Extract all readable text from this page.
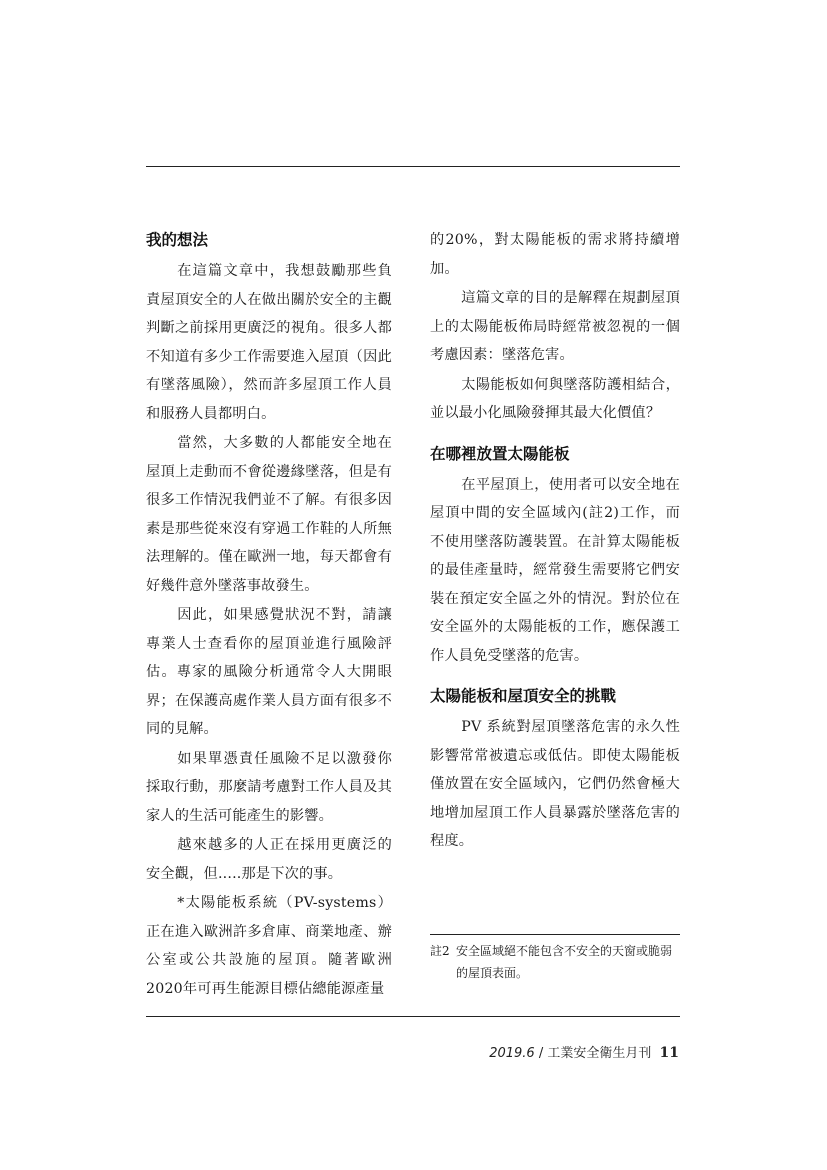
我的想法

在這篇文章中，我想鼓勵那些負責屋頂安全的人在做出關於安全的主觀判斷之前採用更廣泛的視角。很多人都不知道有多少工作需要進入屋頂（因此有墜落風險），然而許多屋頂工作人員和服務人員都明白。

當然，大多數的人都能安全地在屋頂上走動而不會從邊緣墜落，但是有很多工作情況我們並不了解。有很多因素是那些從來沒有穿過工作鞋的人所無法理解的。僅在歐洲一地，每天都會有好幾件意外墜落事故發生。

因此，如果感覺狀況不對，請讓專業人士查看你的屋頂並進行風險評估。專家的風險分析通常令人大開眼界；在保護高處作業人員方面有很多不同的見解。

如果單憑責任風險不足以激發你採取行動，那麼請考慮對工作人員及其家人的生活可能產生的影響。

越來越多的人正在採用更廣泛的安全觀，但.....那是下次的事。

*太陽能板系統（PV-systems）正在進入歐洲許多倉庫、商業地產、辦公室或公共設施的屋頂。隨著歐洲2020年可再生能源目標佔總能源產量

的20%，對太陽能板的需求將持續增加。

這篇文章的目的是解釋在規劃屋頂上的太陽能板佈局時經常被忽視的一個考慮因素：墜落危害。

太陽能板如何與墜落防護相結合，並以最小化風險發揮其最大化價值？

在哪裡放置太陽能板

在平屋頂上，使用者可以安全地在屋頂中間的安全區域內(註2)工作，而不使用墜落防護裝置。在計算太陽能板的最佳產量時，經常發生需要將它們安裝在預定安全區之外的情況。對於位在安全區外的太陽能板的工作，應保護工作人員免受墜落的危害。

太陽能板和屋頂安全的挑戰

PV 系統對屋頂墜落危害的永久性影響常常被遺忘或低估。即使太陽能板僅放置在安全區域內，它們仍然會極大地增加屋頂工作人員暴露於墜落危害的程度。

註2 安全區域絕不能包含不安全的天窗或脆弱的屋頂表面。
2019.6 / 工業安全衛生月刊 11
